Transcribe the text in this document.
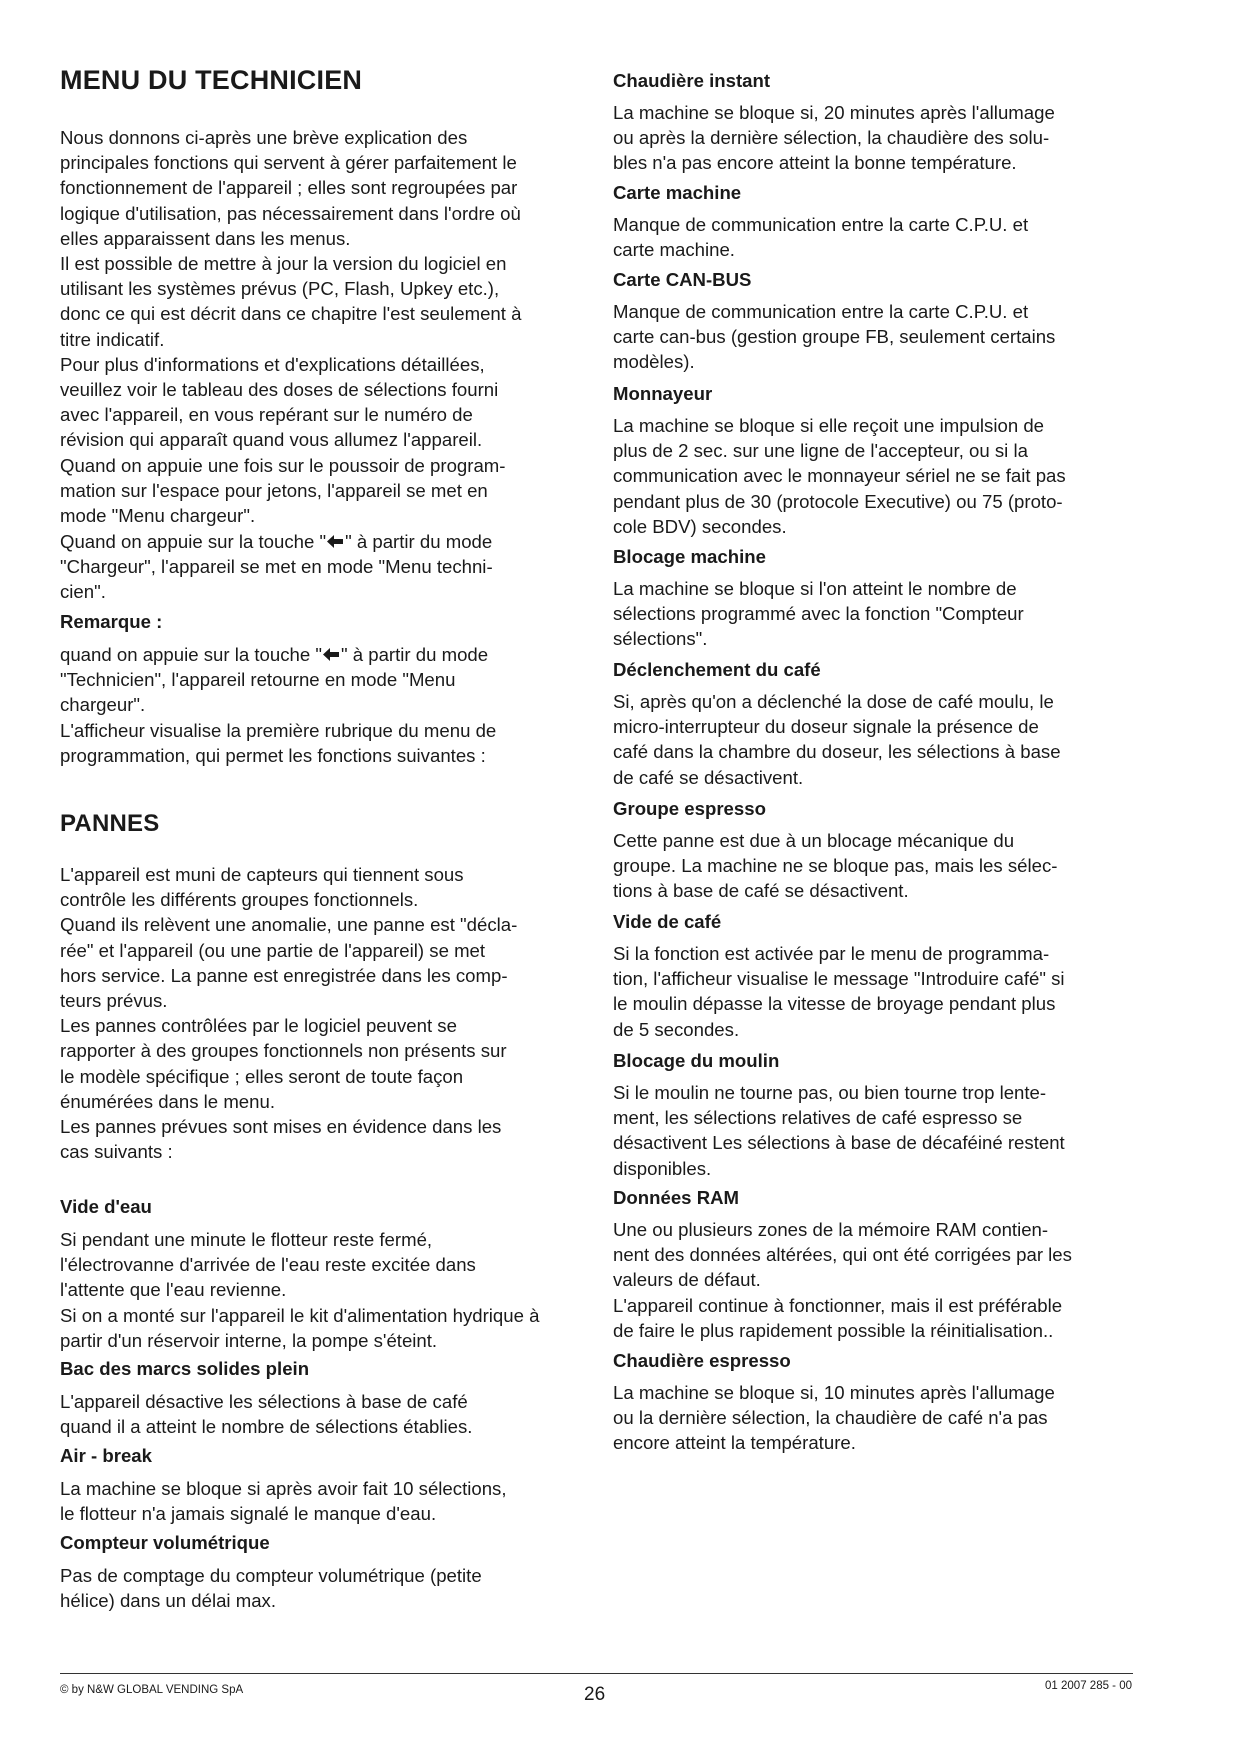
MENU DU TECHNICIEN

Nous donnons ci-après une brève explication des
principales fonctions qui servent à gérer parfaitement le
fonctionnement de l'appareil ; elles sont regroupées par
logique d'utilisation, pas nécessairement dans l'ordre où
elles apparaissent dans les menus.
Il est possible de mettre à jour la version du logiciel en
utilisant les systèmes prévus (PC, Flash, Upkey etc.),
donc ce qui est décrit dans ce chapitre l'est seulement à
titre indicatif.
Pour plus d'informations et d'explications détaillées,
veuillez voir le tableau des doses de sélections fourni
avec l'appareil, en vous repérant sur le numéro de
révision qui apparaît quand vous allumez l'appareil.
Quand on appuie une fois sur le poussoir de program-
mation sur l'espace pour jetons, l'appareil se met en
mode "Menu chargeur".

Quand on appuie sur la touche " " à partir du mode
"Chargeur", l'appareil se met en mode "Menu techni-
cien".

Remarque :

quand on appuie sur la touche " " à partir du mode
"Technicien", l'appareil retourne en mode "Menu
chargeur".
L'afficheur visualise la première rubrique du menu de
programmation, qui permet les fonctions suivantes :

PANNES

L'appareil est muni de capteurs qui tiennent sous
contrôle les différents groupes fonctionnels.
Quand ils relèvent une anomalie, une panne est "décla-
rée" et l'appareil (ou une partie de l'appareil) se met
hors service. La panne est enregistrée dans les comp-
teurs prévus.
Les pannes contrôlées par le logiciel peuvent se
rapporter à des groupes fonctionnels non présents sur
le modèle spécifique ; elles seront de toute façon
énumérées dans le menu.
Les pannes prévues sont mises en évidence dans les
cas suivants :

Vide d'eau

Si pendant une minute le flotteur reste fermé,
l'électrovanne d'arrivée de l'eau reste excitée dans
l'attente que l'eau revienne.
Si on a monté sur l'appareil le kit d'alimentation hydrique à
partir d'un réservoir interne, la pompe s'éteint.

Bac des marcs solides plein

L'appareil désactive les sélections à base de café
quand il a atteint le nombre de sélections établies.

Air - break

La machine se bloque si après avoir fait 10 sélections,
le flotteur n'a jamais signalé le manque d'eau.

Compteur volumétrique

Pas de comptage du compteur volumétrique (petite
hélice) dans un délai max.

Chaudière instant

La machine se bloque si, 20 minutes après l'allumage
ou après la dernière sélection, la chaudière des solu-
bles n'a pas encore atteint la bonne température.

Carte machine

Manque de communication entre la carte C.P.U. et
carte machine.

Carte CAN-BUS

Manque de communication entre la carte C.P.U. et
carte can-bus (gestion groupe FB, seulement certains
modèles).

Monnayeur

La machine se bloque si elle reçoit une impulsion de
plus de 2 sec. sur une ligne de l'accepteur, ou si la
communication avec le monnayeur sériel ne se fait pas
pendant plus de 30 (protocole Executive) ou 75 (proto-
cole BDV) secondes.

Blocage machine

La machine se bloque si l'on atteint le nombre de
sélections programmé avec la fonction "Compteur
sélections".

Déclenchement du café

Si, après qu'on a déclenché la dose de café moulu, le
micro-interrupteur du doseur signale la présence de
café dans la chambre du doseur, les sélections à base
de café se désactivent.

Groupe espresso

Cette panne est due à un blocage mécanique du
groupe. La machine ne se bloque pas, mais les sélec-
tions à base de café se désactivent.

Vide de café

Si la fonction est activée par le menu de programma-
tion, l'afficheur visualise le message "Introduire café" si
le moulin dépasse la vitesse de broyage pendant plus
de 5 secondes.

Blocage du moulin

Si le moulin ne tourne pas, ou bien tourne trop lente-
ment, les sélections relatives de café espresso se
désactivent Les sélections à base de décaféiné restent
disponibles.

Données RAM

Une ou plusieurs zones de la mémoire RAM contien-
nent des données altérées, qui ont été corrigées par les
valeurs de défaut.
L'appareil continue à fonctionner, mais il est préférable
de faire le plus rapidement possible la réinitialisation..

Chaudière espresso

La machine se bloque si, 10 minutes après l'allumage
ou la dernière sélection, la chaudière de café n'a pas
encore atteint la température.

© by N&W GLOBAL VENDING SpA	26	01 2007 285 - 00
